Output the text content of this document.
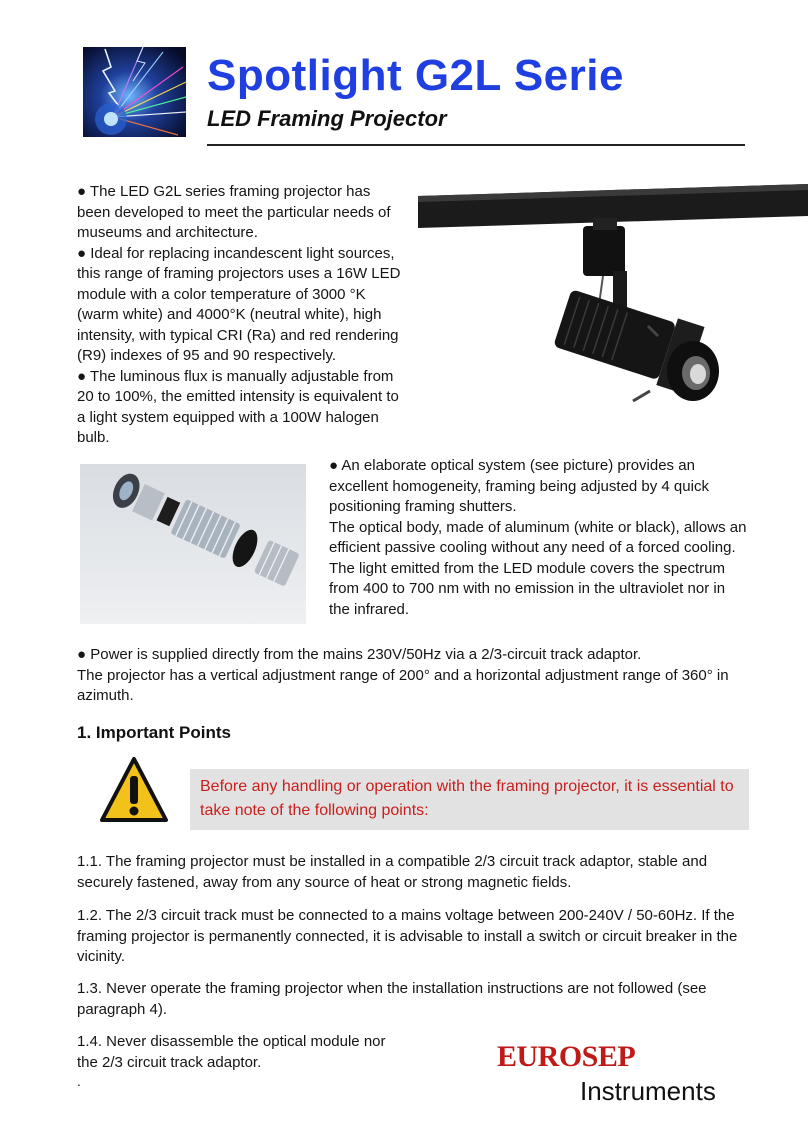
Spotlight G2L Serie
LED Framing Projector

● The LED G2L series framing projector has been developed to meet the particular needs of museums and architecture.

● Ideal for replacing incandescent light sources, this range of framing projectors uses a 16W LED module with a color temperature of 3000 °K (warm white) and 4000°K (neutral white), high intensity, with typical CRI (Ra) and red rendering (R9) indexes of 95 and 90 respectively.

● The luminous flux is manually adjustable from 20 to 100%, the emitted intensity is equivalent to a light system equipped with a 100W halogen bulb.

● An elaborate optical system (see picture) provides an excellent homogeneity, framing being adjusted by 4 quick positioning framing shutters.

The optical body, made of aluminum (white or black), allows an efficient passive cooling without any need of a forced cooling.

The light emitted from the LED module covers the spectrum from 400 to 700 nm with no emission in the ultraviolet nor in the infrared.

● Power is supplied directly from the mains 230V/50Hz via a 2/3-circuit track adaptor.

The projector has a vertical adjustment range of 200° and a horizontal adjustment range of 360° in azimuth.

1. Important Points

Before any handling or operation with the framing projector, it is essential to take note of the following points:

1.1. The framing projector must be installed in a compatible 2/3 circuit track adaptor, stable and securely fastened, away from any source of heat or strong magnetic fields.

1.2. The 2/3 circuit track must be connected to a mains voltage between 200-240V / 50-60Hz. If the framing projector is permanently connected, it is advisable to install a switch or circuit breaker in the vicinity.

1.3. Never operate the framing projector when the installation instructions are not followed (see paragraph 4).

1.4. Never disassemble the optical module nor the 2/3 circuit track adaptor.

.
EUROSEP
Instruments
